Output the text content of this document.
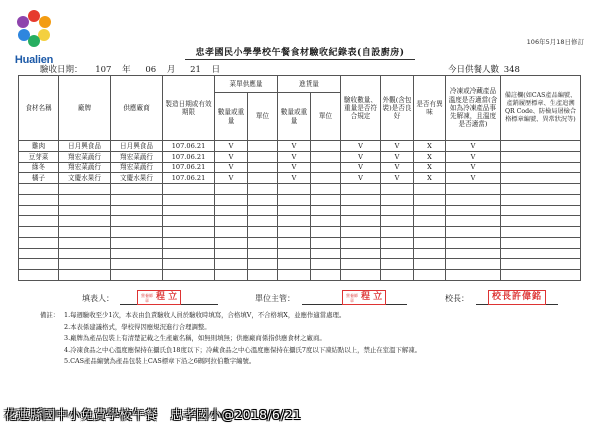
Hualien
106年5月18日修訂
忠孝國民小學學校午餐食材驗收紀錄表(自設廚房)
驗收日期： 107 年 06 月 21 日	今日供餐人數 348
食材名稱	廠牌	供應廠商	製造日期或有效期限	菜單供應量		進貨量		驗收數量、重量是否符合規定	外觀(含包裝)是否良好	是否有異味	冷凍或冷藏產品溫度是否適當(含如為冷凍產品事先解凍，且溫度是否適當)	備註欄(如CAS產品編號、產銷履歷標章、生產追溯QR Code、防檢局屠檢合格標章編號、異常狀況等)
				數量或重量	單位	數量或重量	單位					
雞肉	日月興食品	日月興食品	107.06.21	V		V		V	V	X	V	
豆芽菜	翔宏菜蔬行	翔宏菜蔬行	107.06.21	V		V		V	V	X	V	
綠冬	翔宏菜蔬行	翔宏菜蔬行	107.06.21	V		V		V	V	X	V	
橘子	文慶水果行	文慶水果行	107.06.21	V		V		V	V	X	V	

填表人：	營養師章 程 立	單位主管：	營養師章 程 立	校長：	校長許偉銘
備註： 1.每週驗收至少1次，本表由負責驗收人員於驗收時填寫，合格填V，不合格填X，並應作適當處理。
2.本表係建議格式，學校得因應規況進行合理調整。
3.廠牌為產品包裝上有清楚記載之生產廠名稱，如無則填無；供應廠商係指供應食材之廠商。
4.冷凍食品之中心溫度應保持在攝氏負18度以下；冷藏食品之中心溫度應保持在攝氏7度以下凍結點以上，禁止在室溫下解凍。
5.CAS產品編號為產品包裝上CAS標章下沿之6碼阿拉伯數字編號。
花蓮縣國中小免費學校午餐　忠孝國小@2018/6/21
